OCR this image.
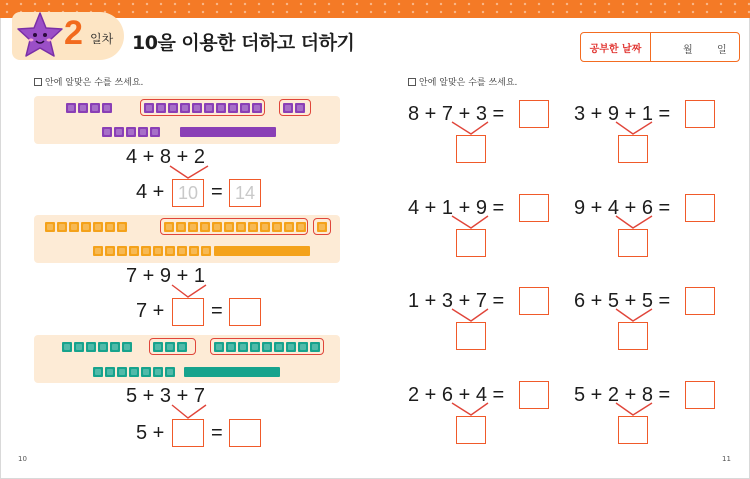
2 일차 10을 이용한 더하고 더하기	공부한 날짜	월 일
안에 알맞은 수를 쓰세요.	안에 알맞은 수를 쓰세요.
4 + 8 + 2
4 + 10 = 14
7 + 9 + 1
7 + =
5 + 3 + 7
5 + =
8 + 7 + 3 =	3 + 9 + 1 =
4 + 1 + 9 =	9 + 4 + 6 =
1 + 3 + 7 =	6 + 5 + 5 =
2 + 6 + 4 =	5 + 2 + 8 =
10	11
